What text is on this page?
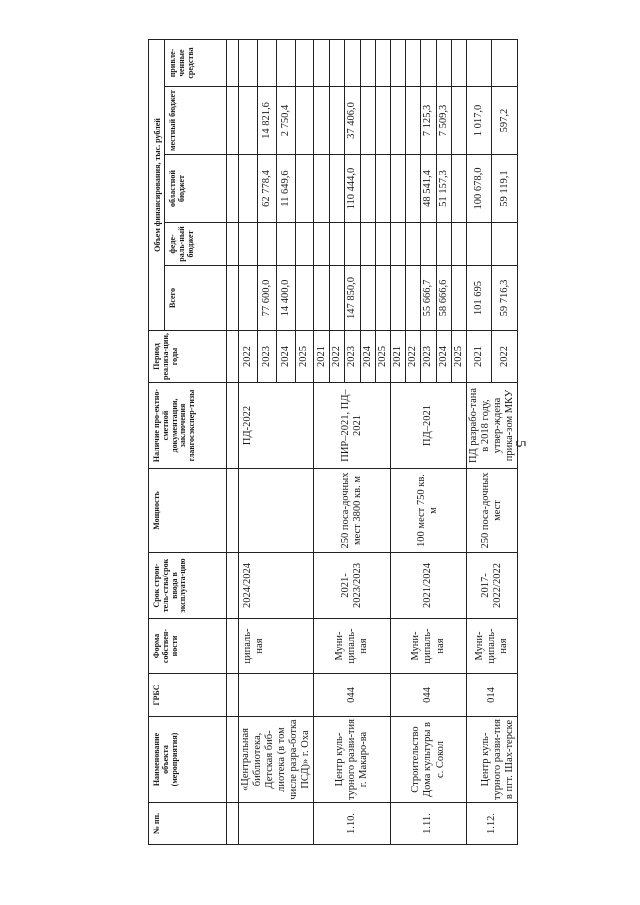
5
№ пп.	Наименование объекта (мероприятия)	ГРБС	Форма собствен-ности	Срок строи-тель-ства/срок ввода в эксплуата-цию	Мощность	Наличие про-ектно-сметной документации, заключения главгосэкспер-тизы	Период реализа-ции, годы	Объем финансирования, тыс. рублей				
								Всего	феде-раль-ный бюджет	областной бюджет	местный бюджет	привле-ченные средства

	«Центральная библиотека, Детская биб-лиотека (в том числе разра-ботка ПСД)» г. Оха		ципаль-ная	2024/2024		ПД-2022	2022					
							2023	77 600,0		62 778,4	14 821,6	
							2024	14 400,0		11 649,6	2 750,4	
							2025					
1.10.	Центр куль-турного разви-тия г. Макаро-ва	044	Муни-ципаль-ная	2021-2023/2023	250 поса-дочных мест 3800 кв. м	ПИР–2021, ПД–2021	2021					
							2022					
							2023	147 850,0		110 444,0	37 406,0	
							2024					
							2025					
1.11.	Строительство Дома культуры в с. Сокол	044	Муни-ципаль-ная	2021/2024	100 мест 750 кв. м	ПД–2021	2021					
							2022					
							2023	55 666,7		48 541,4	7 125,3	
							2024	58 666,6		51 157,3	7 509,3	
							2025					
1.12.	Центр куль-турного разви-тия в пгт. Шах-терске	014	Муни-ципаль-ная	2017-2022/2022	250 поса-дочных мест	ПД разрабо-тана в 2018 году, утвер-ждена прика-зом МКУ	2021	101 695		100 678,0	1 017,0	
							2022	59 716,3		59 119,1	597,2	
